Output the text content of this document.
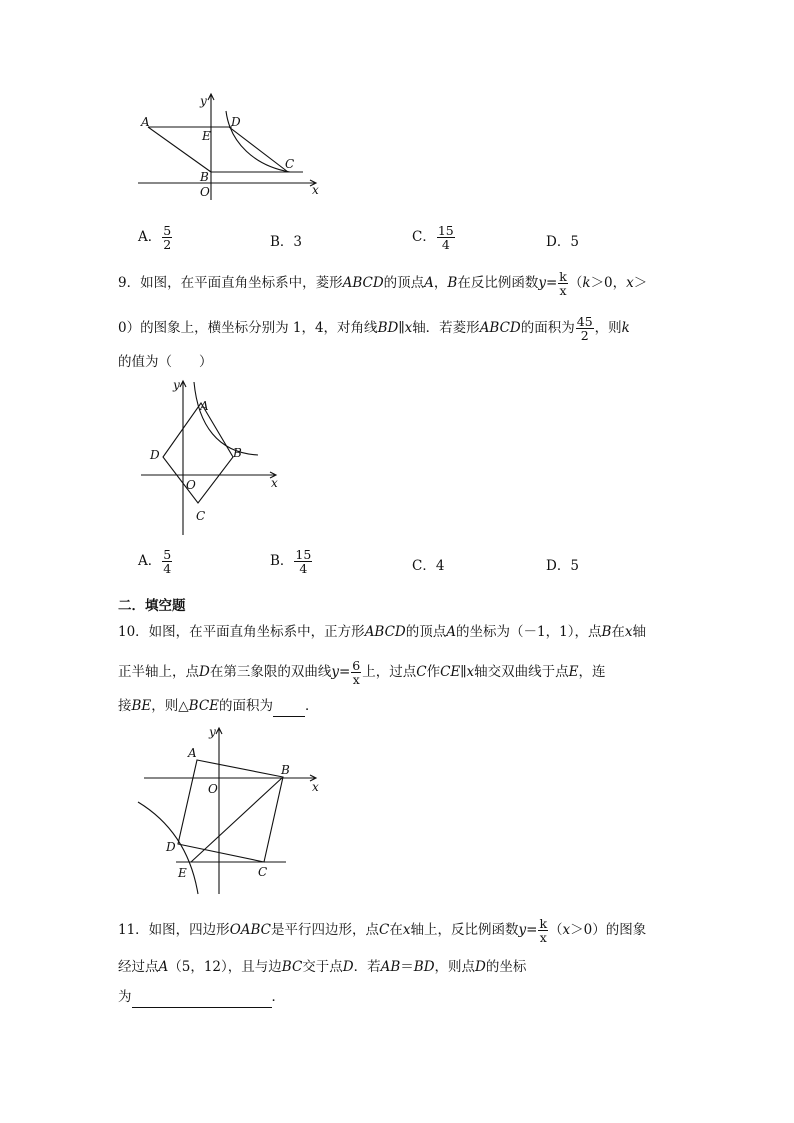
A	D
E
C
B
O	x
y
A． $\frac{5}{2}$	B．3	C． $\frac{15}{4}$	D．5
9．如图，在平面直角坐标系中，菱形ABCD的顶点A，B在反比例函数$y= \frac{k}{x} (k>0$，x＞
0）的图象上，横坐标分别为 1，4，对角线BD∥x轴．若菱形ABCD的面积为 $\frac{45}{2}$ ，则k
的值为（　　）
A
B
C
D
O	x
y
A． $\frac{5}{4}$	B． $\frac{15}{4}$	C．4	D．5
二．填空题
10．如图，在平面直角坐标系中，正方形ABCD的顶点A的坐标为（－1，1），点B在x轴
正半轴上，点D在第三象限的双曲线$y= \frac{6}{x}$ 上，过点C作CE∥x轴交双曲线于点E，连
接BE，则△BCE的面积为 ．
A
B
C
D
E
O	x
y
11．如图，四边形OABC是平行四边形，点C在x轴上，反比例函数$y= \frac{k}{x} (x>0)$的图象
经过点A（5，12），且与边BC交于点D．若AB＝BD，则点D的坐标
为	．
